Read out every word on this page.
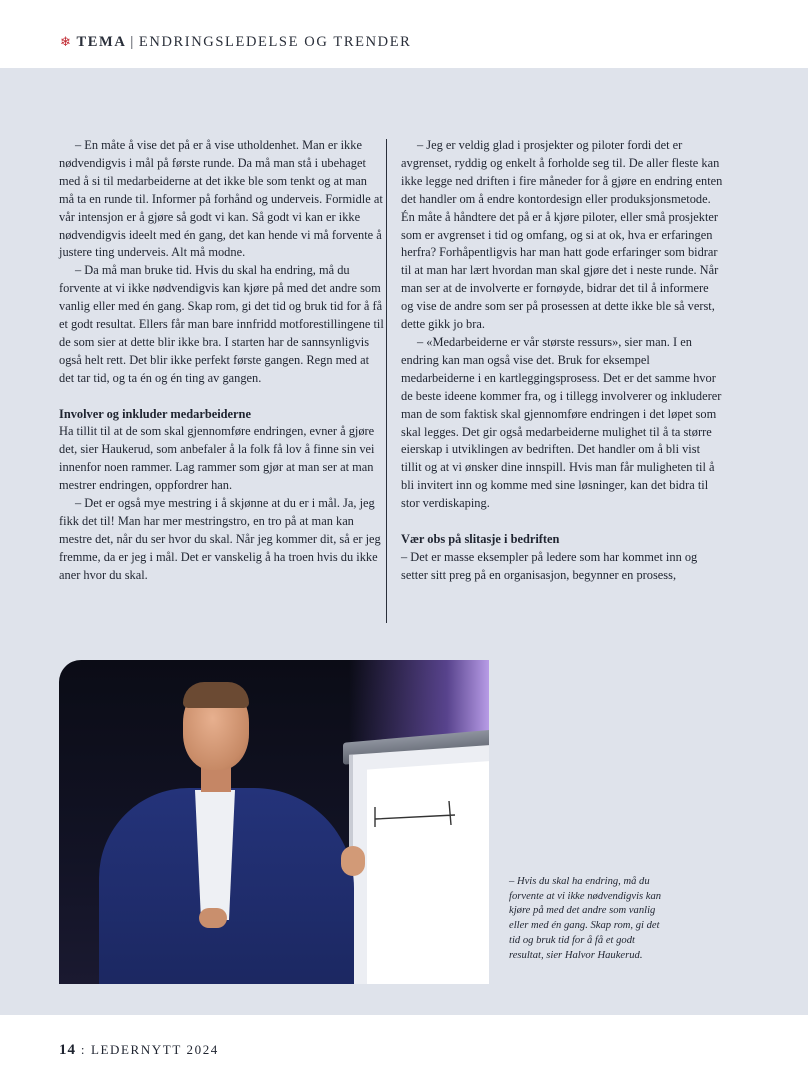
❄ TEMA | ENDRINGSLEDELSE OG TRENDER

– En måte å vise det på er å vise utholdenhet. Man er ikke nødvendigvis i mål på første runde. Da må man stå i ubehaget med å si til medarbeiderne at det ikke ble som tenkt og at man må ta en runde til. Informer på forhånd og underveis. Formidle at vår intensjon er å gjøre så godt vi kan. Så godt vi kan er ikke nødvendigvis ideelt med én gang, det kan hende vi må forvente å justere ting underveis. Alt må modne.

– Da må man bruke tid. Hvis du skal ha endring, må du forvente at vi ikke nødvendigvis kan kjøre på med det andre som vanlig eller med én gang. Skap rom, gi det tid og bruk tid for å få et godt resultat. Ellers får man bare innfridd motforestillingene til de som sier at dette blir ikke bra. I starten har de sannsynligvis også helt rett. Det blir ikke perfekt første gangen. Regn med at det tar tid, og ta én og én ting av gangen.

Involver og inkluder medarbeiderne

Ha tillit til at de som skal gjennomføre endringen, evner å gjøre det, sier Haukerud, som anbefaler å la folk få lov å finne sin vei innenfor noen rammer. Lag rammer som gjør at man ser at man mestrer endringen, oppfordrer han.

– Det er også mye mestring i å skjønne at du er i mål. Ja, jeg fikk det til! Man har mer mestringstro, en tro på at man kan mestre det, når du ser hvor du skal. Når jeg kommer dit, så er jeg fremme, da er jeg i mål. Det er vanskelig å ha troen hvis du ikke aner hvor du skal.

– Jeg er veldig glad i prosjekter og piloter fordi det er avgrenset, ryddig og enkelt å forholde seg til. De aller fleste kan ikke legge ned driften i fire måneder for å gjøre en endring enten det handler om å endre kontordesign eller produksjonsmetode. Én måte å håndtere det på er å kjøre piloter, eller små prosjekter som er avgrenset i tid og omfang, og si at ok, hva er erfaringen herfra? Forhåpentligvis har man hatt gode erfaringer som bidrar til at man har lært hvordan man skal gjøre det i neste runde. Når man ser at de involverte er fornøyde, bidrar det til å informere og vise de andre som ser på prosessen at dette ikke ble så verst, dette gikk jo bra.

– «Medarbeiderne er vår største ressurs», sier man. I en endring kan man også vise det. Bruk for eksempel medarbeiderne i en kartleggingsprosess. Det er det samme hvor de beste ideene kommer fra, og i tillegg involverer og inkluderer man de som faktisk skal gjennomføre endringen i det løpet som skal legges. Det gir også medarbeiderne mulighet til å ta større eierskap i utviklingen av bedriften. Det handler om å bli vist tillit og at vi ønsker dine innspill. Hvis man får muligheten til å bli invitert inn og komme med sine løsninger, kan det bidra til stor verdiskaping.

Vær obs på slitasje i bedriften

– Det er masse eksempler på ledere som har kommet inn og setter sitt preg på en organisasjon, begynner en prosess,

– Hvis du skal ha endring, må du forvente at vi ikke nødvendigvis kan kjøre på med det andre som vanlig eller med én gang. Skap rom, gi det tid og bruk tid for å få et godt resultat, sier Halvor Haukerud.

14 : LEDERNYTT 2024
